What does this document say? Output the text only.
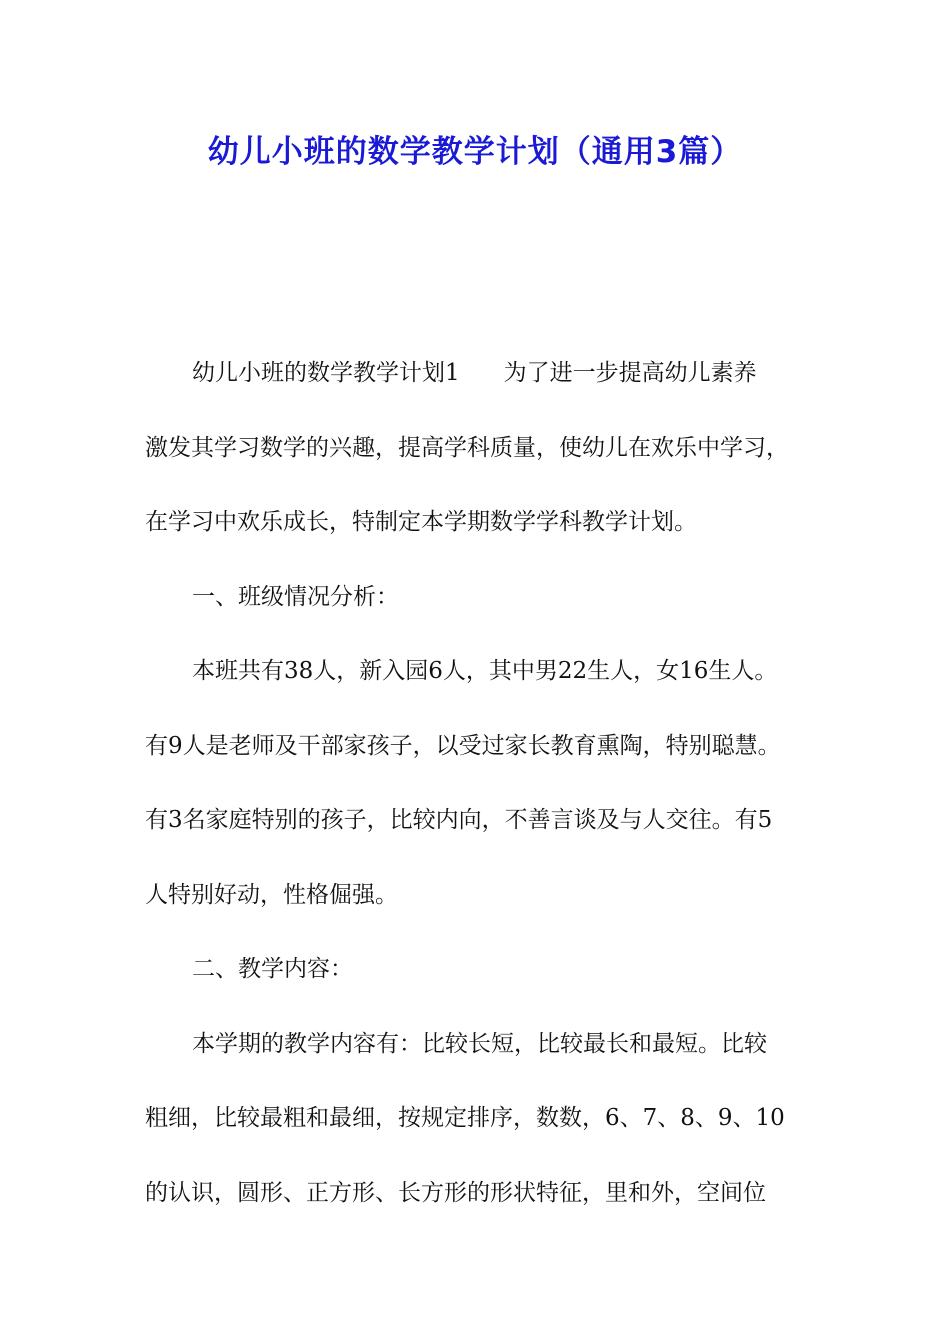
幼儿小班的数学教学计划（通用3篇）
幼儿小班的数学教学计划1 为了进一步提高幼儿素养
激发其学习数学的兴趣，提高学科质量，使幼儿在欢乐中学习，
在学习中欢乐成长，特制定本学期数学学科教学计划。
一、班级情况分析：
本班共有38人，新入园6人，其中男22生人，女16生人。
有9人是老师及干部家孩子，以受过家长教育熏陶，特别聪慧。
有3名家庭特别的孩子，比较内向，不善言谈及与人交往。有5
人特别好动，性格倔强。
二、教学内容：
本学期的教学内容有：比较长短，比较最长和最短。比较
粗细，比较最粗和最细，按规定排序，数数，6、7、8、9、10
的认识，圆形、正方形、长方形的形状特征，里和外，空间位
